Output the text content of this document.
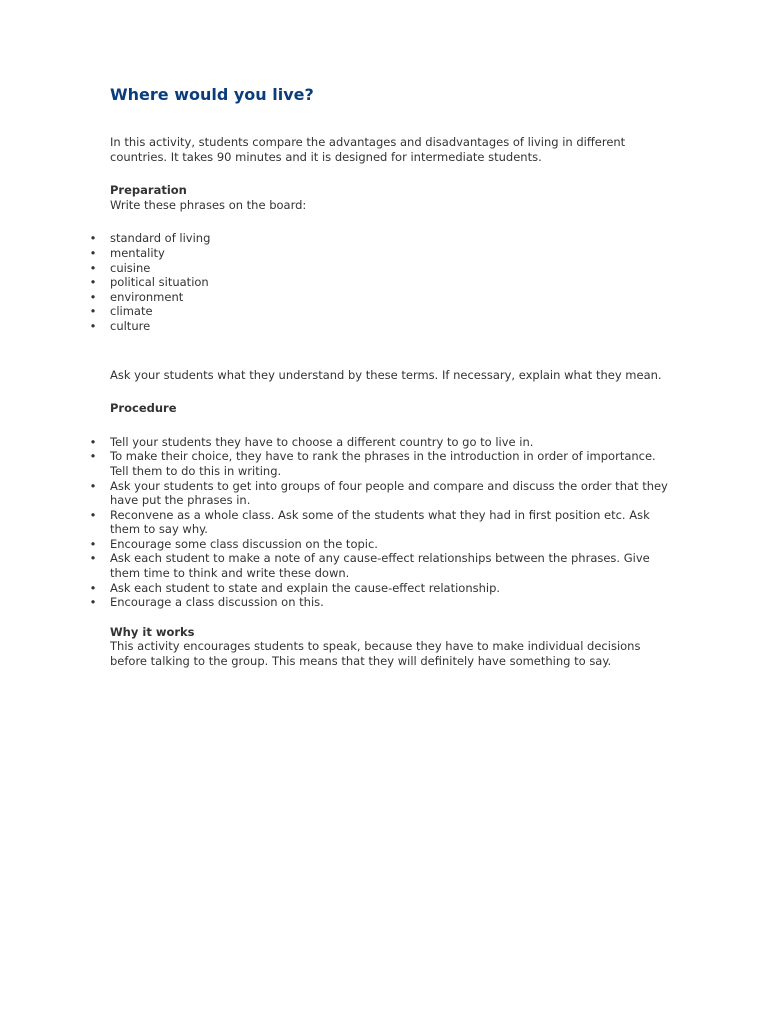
Where would you live?

In this activity, students compare the advantages and disadvantages of living in different countries. It takes 90 minutes and it is designed for intermediate students.

Preparation

Write these phrases on the board:

• standard of living
• mentality
• cuisine
• political situation
• environment
• climate
• culture

Ask your students what they understand by these terms. If necessary, explain what they mean.

Procedure

• Tell your students they have to choose a different country to go to live in.
• To make their choice, they have to rank the phrases in the introduction in order of importance. Tell them to do this in writing.
• Ask your students to get into groups of four people and compare and discuss the order that they have put the phrases in.
• Reconvene as a whole class. Ask some of the students what they had in first position etc. Ask them to say why.
• Encourage some class discussion on the topic.
• Ask each student to make a note of any cause-effect relationships between the phrases. Give them time to think and write these down.
• Ask each student to state and explain the cause-effect relationship.
• Encourage a class discussion on this.

Why it works

This activity encourages students to speak, because they have to make individual decisions before talking to the group. This means that they will definitely have something to say.
